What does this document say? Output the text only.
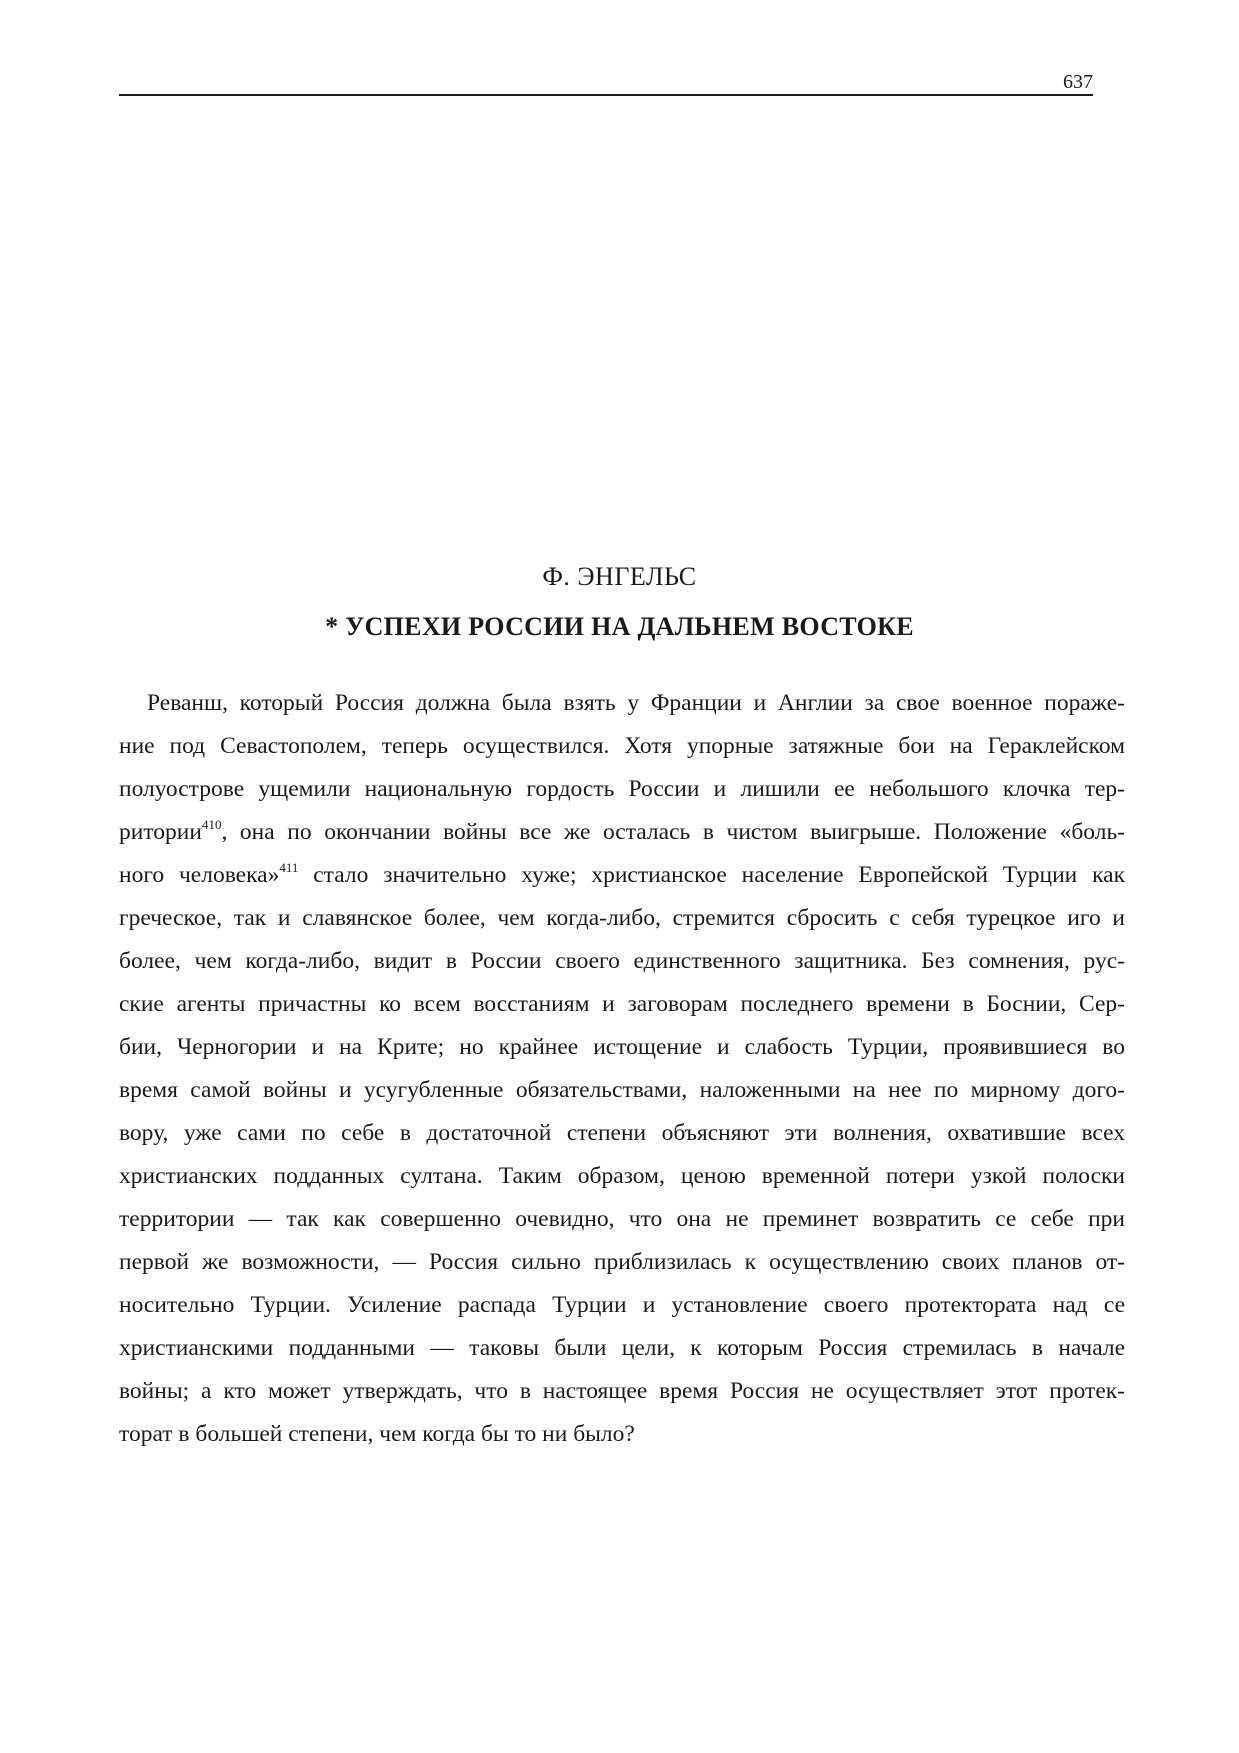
637
Ф. ЭНГЕЛЬС
* УСПЕХИ РОССИИ НА ДАЛЬНЕМ ВОСТОКЕ
Реванш, который Россия должна была взять у Франции и Англии за свое военное пораже-
ние под Севастополем, теперь осуществился. Хотя упорные затяжные бои на Гераклейском
полуострове ущемили национальную гордость России и лишили ее небольшого клочка тер-
ритории$^{410}$, она по окончании войны все же осталась в чистом выигрыше. Положение «боль-
ного человека»$^{411}$ стало значительно хуже; христианское население Европейской Турции как
греческое, так и славянское более, чем когда-либо, стремится сбросить с себя турецкое иго и
более, чем когда-либо, видит в России своего единственного защитника. Без сомнения, рус-
ские агенты причастны ко всем восстаниям и заговорам последнего времени в Боснии, Сер-
бии, Черногории и на Крите; но крайнее истощение и слабость Турции, проявившиеся во
время самой войны и усугубленные обязательствами, наложенными на нее по мирному дого-
вору, уже сами по себе в достаточной степени объясняют эти волнения, охватившие всех
христианских подданных султана. Таким образом, ценою временной потери узкой полоски
территории — так как совершенно очевидно, что она не преминет возвратить се себе при
первой же возможности, — Россия сильно приблизилась к осуществлению своих планов от-
носительно Турции. Усиление распада Турции и установление своего протектората над се
христианскими подданными — таковы были цели, к которым Россия стремилась в начале
войны; а кто может утверждать, что в настоящее время Россия не осуществляет этот протек-
торат в большей степени, чем когда бы то ни было?
